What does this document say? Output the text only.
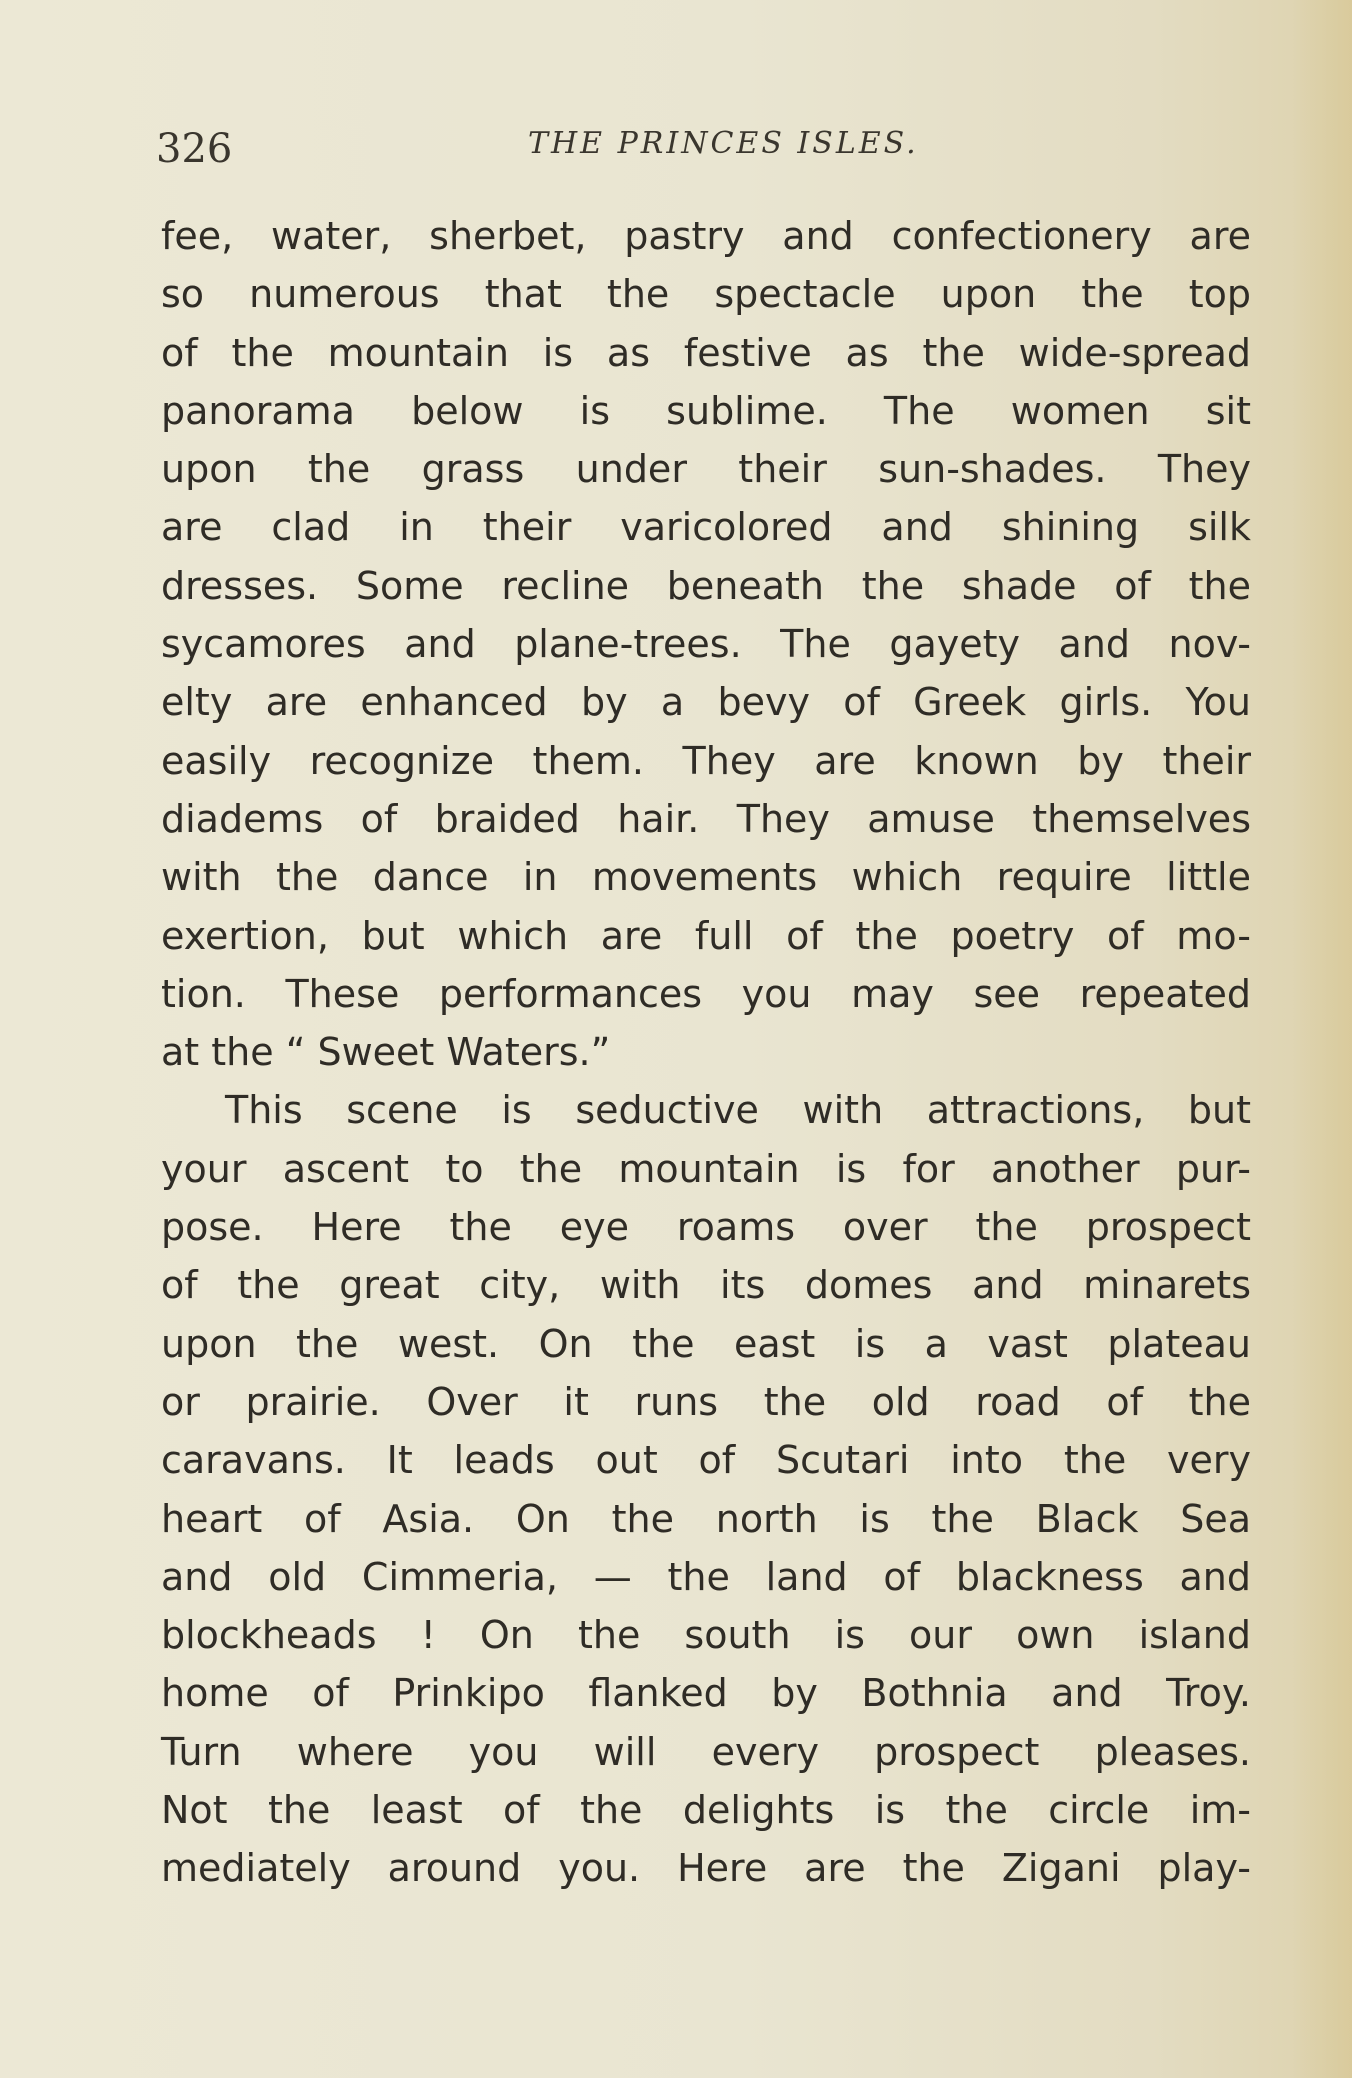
326	THE PRINCES ISLES.
fee, water, sherbet, pastry and confectionery are
so numerous that the spectacle upon the top
of the mountain is as festive as the wide-spread
panorama below is sublime. The women sit
upon the grass under their sun-shades. They
are clad in their varicolored and shining silk
dresses. Some recline beneath the shade of the
sycamores and plane-trees. The gayety and nov-
elty are enhanced by a bevy of Greek girls. You
easily recognize them. They are known by their
diadems of braided hair. They amuse themselves
with the dance in movements which require little
exertion, but which are full of the poetry of mo-
tion. These performances you may see repeated
at the “ Sweet Waters.”
This scene is seductive with attractions, but
your ascent to the mountain is for another pur-
pose. Here the eye roams over the prospect
of the great city, with its domes and minarets
upon the west. On the east is a vast plateau
or prairie. Over it runs the old road of the
caravans. It leads out of Scutari into the very
heart of Asia. On the north is the Black Sea
and old Cimmeria, — the land of blackness and
blockheads ! On the south is our own island
home of Prinkipo flanked by Bothnia and Troy.
Turn where you will every prospect pleases.
Not the least of the delights is the circle im-
mediately around you. Here are the Zigani play-
